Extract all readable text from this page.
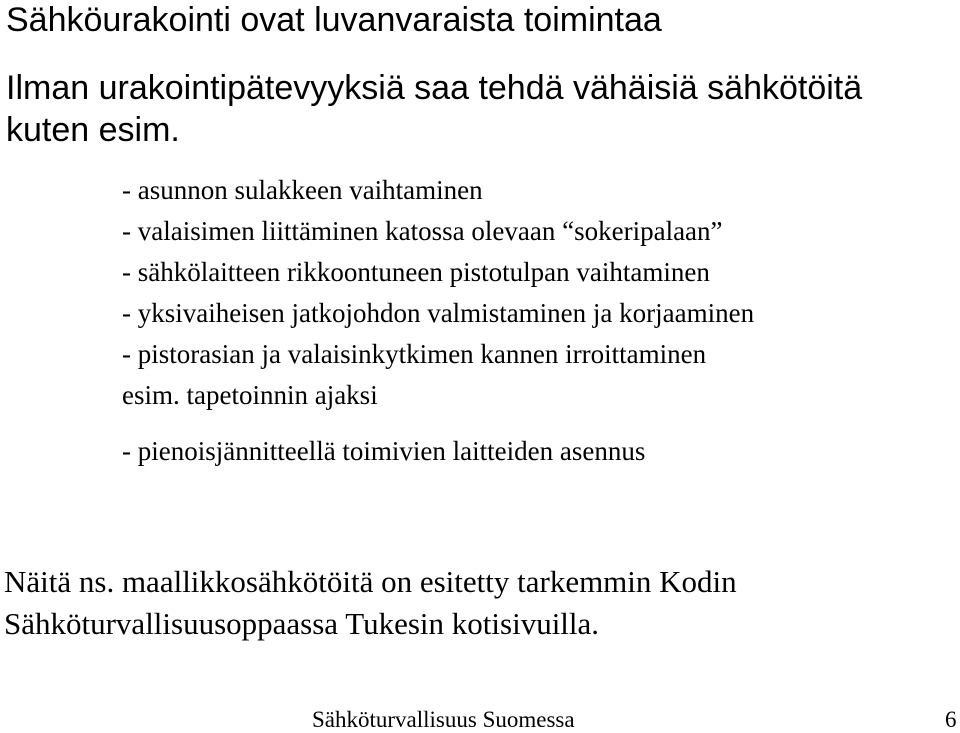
Sähköurakointi ovat luvanvaraista toimintaa
Ilman urakointipätevyyksiä saa tehdä vähäisiä sähkötöitä kuten esim.
- asunnon sulakkeen vaihtaminen
- valaisimen liittäminen katossa olevaan “sokeripalaan”
- sähkölaitteen rikkoontuneen pistotulpan vaihtaminen
- yksivaiheisen jatkojohdon valmistaminen ja korjaaminen
- pistorasian ja valaisinkytkimen kannen irroittaminen
esim. tapetoinnin ajaksi
- pienoisjännitteellä toimivien laitteiden asennus
Näitä ns. maallikkosähkötöitä on esitetty tarkemmin Kodin Sähköturvallisuusoppaassa Tukesin kotisivuilla.
Sähköturvallisuus Suomessa	6
